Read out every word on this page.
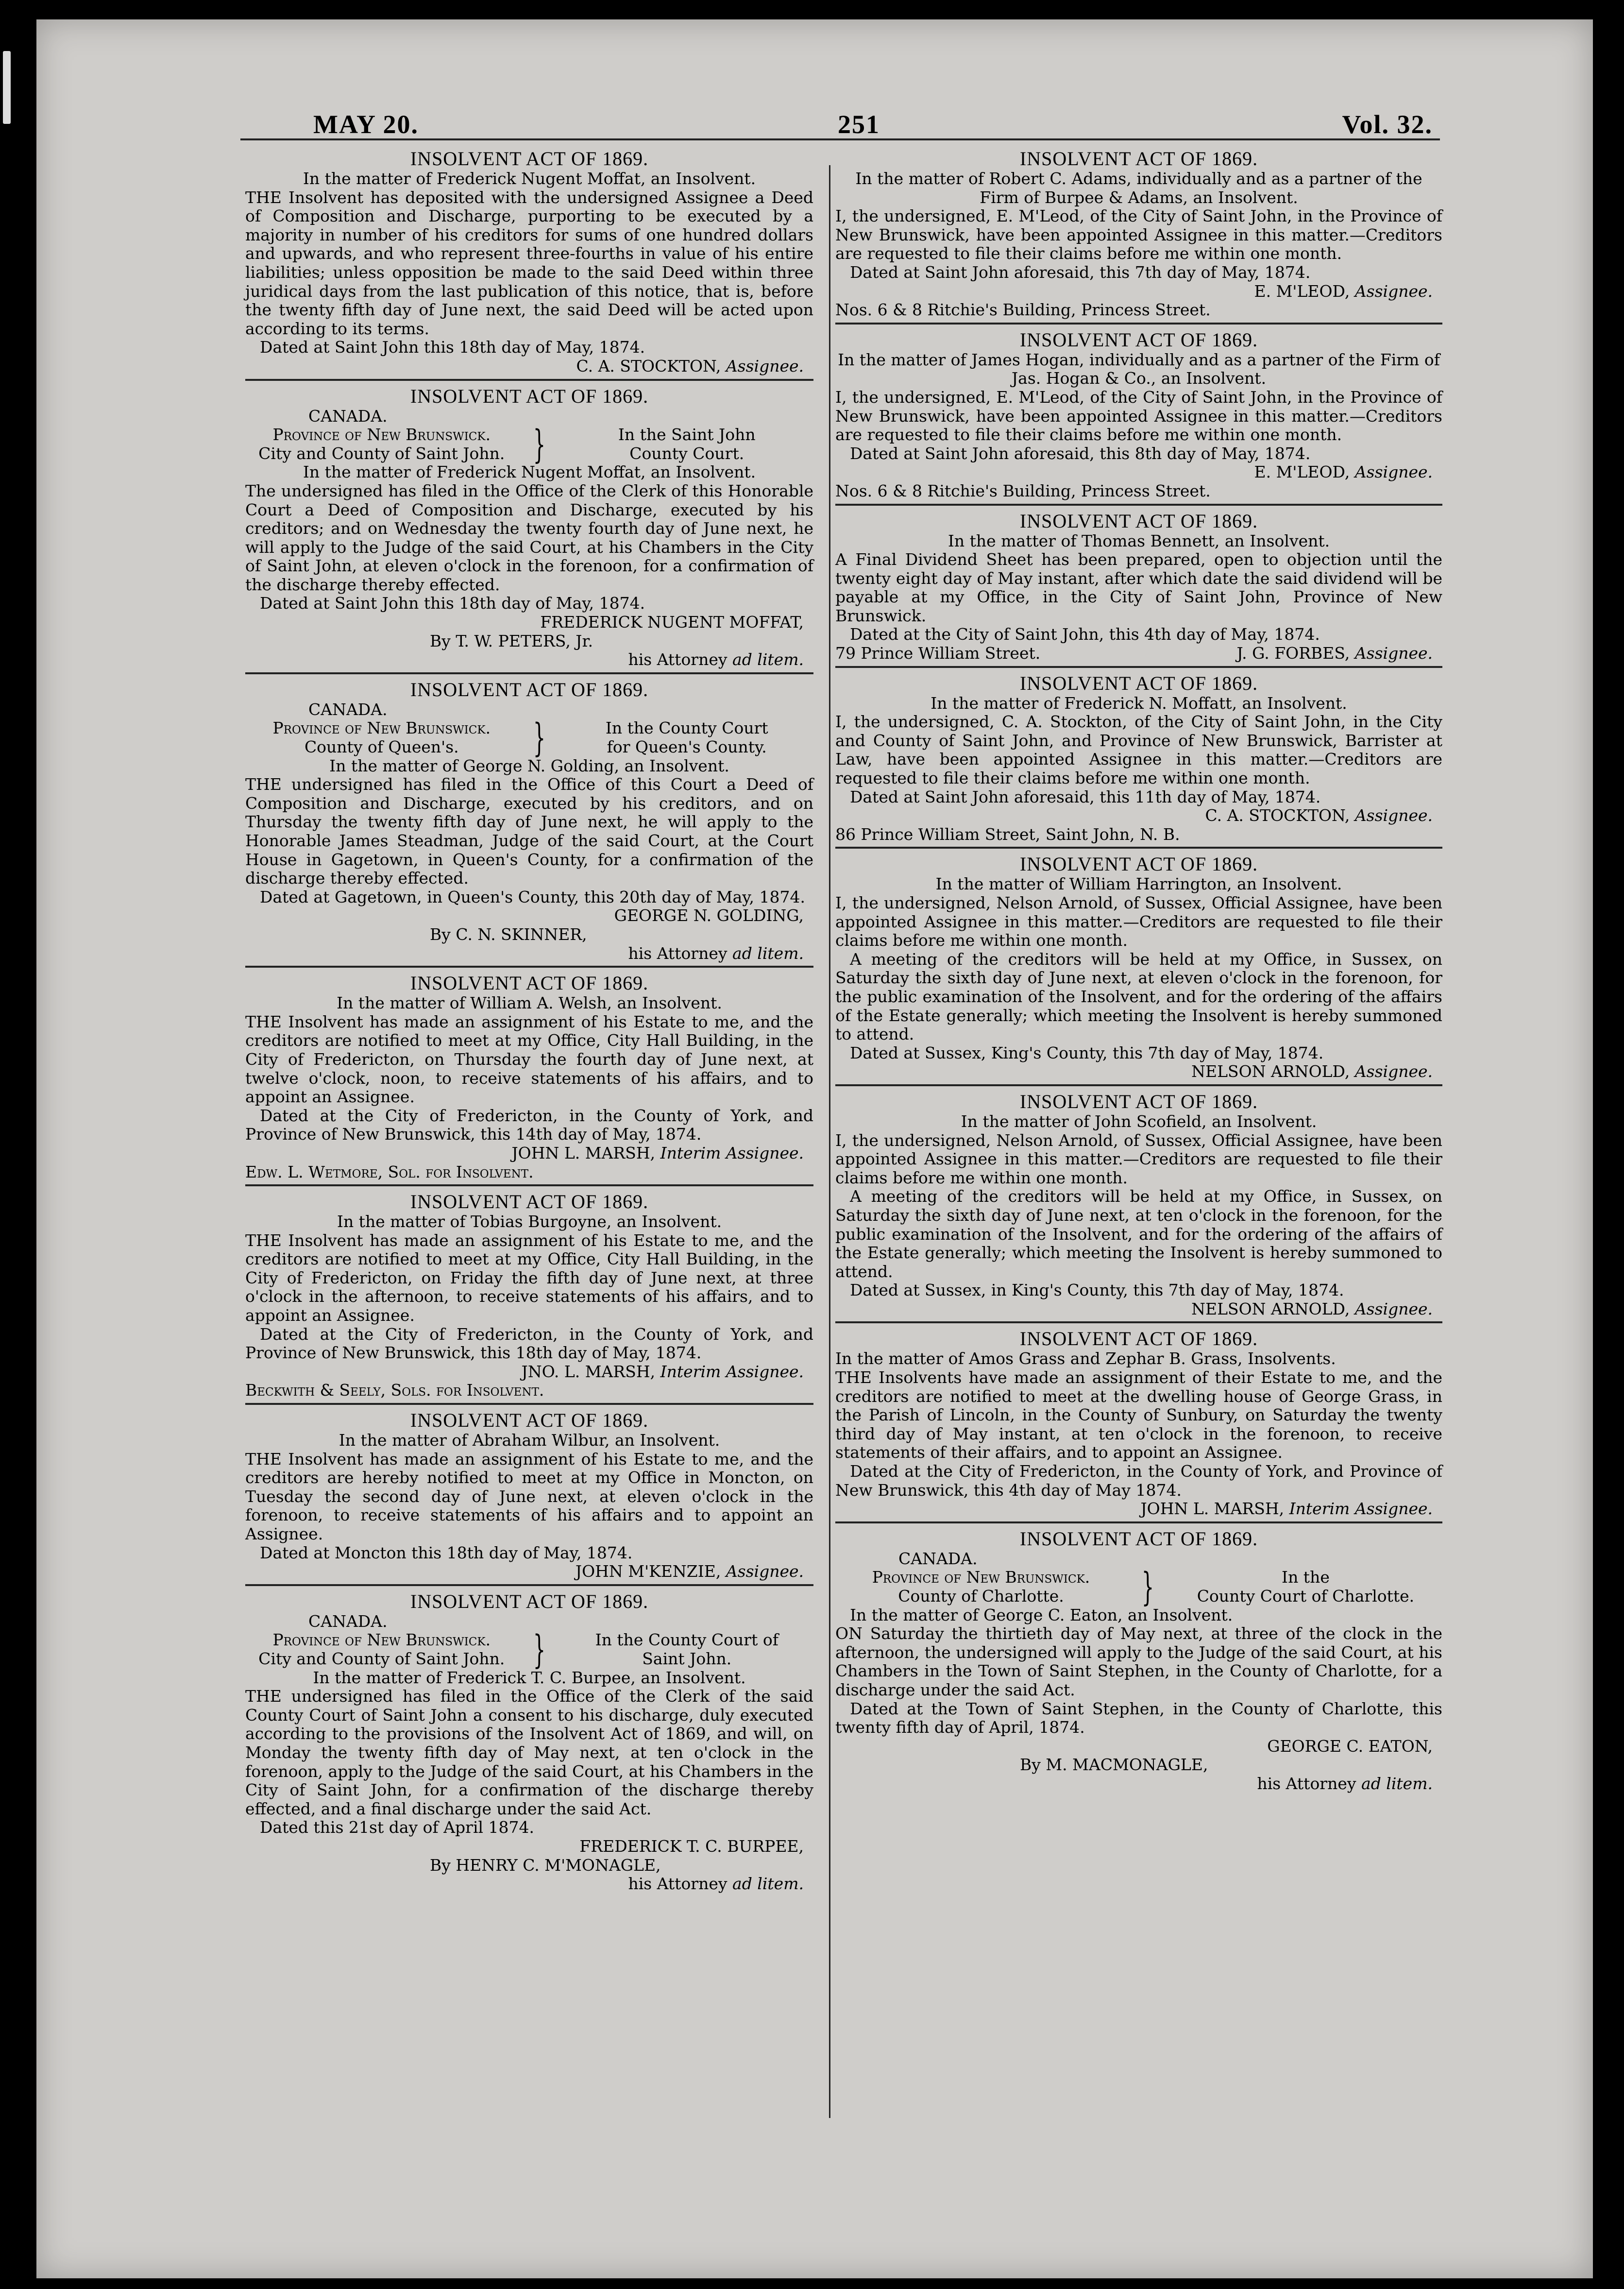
MAY 20.	251	Vol. 32.
INSOLVENT ACT OF 1869.
In the matter of Frederick Nugent Moffat, an Insolvent.
THE Insolvent has deposited with the undersigned Assignee a Deed of Composition and Discharge, purporting to be executed by a majority in number of his creditors for sums of one hundred dollars and upwards, and who represent three-fourths in value of his entire liabilities; unless opposition be made to the said Deed within three juridical days from the last publication of this notice, that is, before the twenty fifth day of June next, the said Deed will be acted upon according to its terms.
Dated at Saint John this 18th day of May, 1874.
C. A. STOCKTON, Assignee.
INSOLVENT ACT OF 1869.
CANADA.
Province of New Brunswick.
City and County of Saint John. }	In the Saint John
County Court.
In the matter of Frederick Nugent Moffat, an Insolvent.
The undersigned has filed in the Office of the Clerk of this Honorable Court a Deed of Composition and Discharge, executed by his creditors; and on Wednesday the twenty fourth day of June next, he will apply to the Judge of the said Court, at his Chambers in the City of Saint John, at eleven o'clock in the forenoon, for a confirmation of the discharge thereby effected.
Dated at Saint John this 18th day of May, 1874.
FREDERICK NUGENT MOFFAT,
By T. W. PETERS, Jr.
his Attorney ad litem.
INSOLVENT ACT OF 1869.
CANADA.
Province of New Brunswick.
County of Queen's.	}	In the County Court
for Queen's County.
In the matter of George N. Golding, an Insolvent.
THE undersigned has filed in the Office of this Court a Deed of Composition and Discharge, executed by his creditors, and on Thursday the twenty fifth day of June next, he will apply to the Honorable James Steadman, Judge of the said Court, at the Court House in Gagetown, in Queen's County, for a confirmation of the discharge thereby effected.
Dated at Gagetown, in Queen's County, this 20th day of May, 1874.
GEORGE N. GOLDING,
By C. N. SKINNER,
his Attorney ad litem.
INSOLVENT ACT OF 1869.
In the matter of William A. Welsh, an Insolvent.
THE Insolvent has made an assignment of his Estate to me, and the creditors are notified to meet at my Office, City Hall Building, in the City of Fredericton, on Thursday the fourth day of June next, at twelve o'clock, noon, to receive statements of his affairs, and to appoint an Assignee.
Dated at the City of Fredericton, in the County of York, and Province of New Brunswick, this 14th day of May, 1874.
JOHN L. MARSH, Interim Assignee.
Edw. L. Wetmore, Sol. for Insolvent.
INSOLVENT ACT OF 1869.
In the matter of Tobias Burgoyne, an Insolvent.
THE Insolvent has made an assignment of his Estate to me, and the creditors are notified to meet at my Office, City Hall Building, in the City of Fredericton, on Friday the fifth day of June next, at three o'clock in the afternoon, to receive statements of his affairs, and to appoint an Assignee.
Dated at the City of Fredericton, in the County of York, and Province of New Brunswick, this 18th day of May, 1874.
JNO. L. MARSH, Interim Assignee.
Beckwith & Seely, Sols. for Insolvent.
INSOLVENT ACT OF 1869.
In the matter of Abraham Wilbur, an Insolvent.
THE Insolvent has made an assignment of his Estate to me, and the creditors are hereby notified to meet at my Office in Moncton, on Tuesday the second day of June next, at eleven o'clock in the forenoon, to receive statements of his affairs and to appoint an Assignee.
Dated at Moncton this 18th day of May, 1874.
JOHN M'KENZIE, Assignee.
INSOLVENT ACT OF 1869.
CANADA.
Province of New Brunswick.
City and County of Saint John. }	In the County Court of
Saint John.
In the matter of Frederick T. C. Burpee, an Insolvent.
THE undersigned has filed in the Office of the Clerk of the said County Court of Saint John a consent to his discharge, duly executed according to the provisions of the Insolvent Act of 1869, and will, on Monday the twenty fifth day of May next, at ten o'clock in the forenoon, apply to the Judge of the said Court, at his Chambers in the City of Saint John, for a confirmation of the discharge thereby effected, and a final discharge under the said Act.
Dated this 21st day of April 1874.
FREDERICK T. C. BURPEE,
By HENRY C. M'MONAGLE,
his Attorney ad litem.
INSOLVENT ACT OF 1869.
In the matter of Robert C. Adams, individually and as a partner of the Firm of Burpee & Adams, an Insolvent.
I, the undersigned, E. M'Leod, of the City of Saint John, in the Province of New Brunswick, have been appointed Assignee in this matter.—Creditors are requested to file their claims before me within one month.
Dated at Saint John aforesaid, this 7th day of May, 1874.
E. M'LEOD, Assignee.
Nos. 6 & 8 Ritchie's Building, Princess Street.
INSOLVENT ACT OF 1869.
In the matter of James Hogan, individually and as a partner of the Firm of Jas. Hogan & Co., an Insolvent.
I, the undersigned, E. M'Leod, of the City of Saint John, in the Province of New Brunswick, have been appointed Assignee in this matter.—Creditors are requested to file their claims before me within one month.
Dated at Saint John aforesaid, this 8th day of May, 1874.
E. M'LEOD, Assignee.
Nos. 6 & 8 Ritchie's Building, Princess Street.
INSOLVENT ACT OF 1869.
In the matter of Thomas Bennett, an Insolvent.
A Final Dividend Sheet has been prepared, open to objection until the twenty eight day of May instant, after which date the said dividend will be payable at my Office, in the City of Saint John, Province of New Brunswick.
Dated at the City of Saint John, this 4th day of May, 1874.
79 Prince William Street.	J. G. FORBES, Assignee.
INSOLVENT ACT OF 1869.
In the matter of Frederick N. Moffatt, an Insolvent.
I, the undersigned, C. A. Stockton, of the City of Saint John, in the City and County of Saint John, and Province of New Brunswick, Barrister at Law, have been appointed Assignee in this matter.—Creditors are requested to file their claims before me within one month.
Dated at Saint John aforesaid, this 11th day of May, 1874.
C. A. STOCKTON, Assignee.
86 Prince William Street, Saint John, N. B.
INSOLVENT ACT OF 1869.
In the matter of William Harrington, an Insolvent.
I, the undersigned, Nelson Arnold, of Sussex, Official Assignee, have been appointed Assignee in this matter.—Creditors are requested to file their claims before me within one month.
A meeting of the creditors will be held at my Office, in Sussex, on Saturday the sixth day of June next, at eleven o'clock in the forenoon, for the public examination of the Insolvent, and for the ordering of the affairs of the Estate generally; which meeting the Insolvent is hereby summoned to attend.
Dated at Sussex, King's County, this 7th day of May, 1874.
NELSON ARNOLD, Assignee.
INSOLVENT ACT OF 1869.
In the matter of John Scofield, an Insolvent.
I, the undersigned, Nelson Arnold, of Sussex, Official Assignee, have been appointed Assignee in this matter.—Creditors are requested to file their claims before me within one month.
A meeting of the creditors will be held at my Office, in Sussex, on Saturday the sixth day of June next, at ten o'clock in the forenoon, for the public examination of the Insolvent, and for the ordering of the affairs of the Estate generally; which meeting the Insolvent is hereby summoned to attend.
Dated at Sussex, in King's County, this 7th day of May, 1874.
NELSON ARNOLD, Assignee.
INSOLVENT ACT OF 1869.
In the matter of Amos Grass and Zephar B. Grass, Insolvents.
THE Insolvents have made an assignment of their Estate to me, and the creditors are notified to meet at the dwelling house of George Grass, in the Parish of Lincoln, in the County of Sunbury, on Saturday the twenty third day of May instant, at ten o'clock in the forenoon, to receive statements of their affairs, and to appoint an Assignee.
Dated at the City of Fredericton, in the County of York, and Province of New Brunswick, this 4th day of May 1874.
JOHN L. MARSH, Interim Assignee.
INSOLVENT ACT OF 1869.
CANADA.
Province of New Brunswick.
County of Charlotte.	}	In the
County Court of Charlotte.
In the matter of George C. Eaton, an Insolvent.
ON Saturday the thirtieth day of May next, at three of the clock in the afternoon, the undersigned will apply to the Judge of the said Court, at his Chambers in the Town of Saint Stephen, in the County of Charlotte, for a discharge under the said Act.
Dated at the Town of Saint Stephen, in the County of Charlotte, this twenty fifth day of April, 1874.
GEORGE C. EATON,
By M. MACMONAGLE,
his Attorney ad litem.
